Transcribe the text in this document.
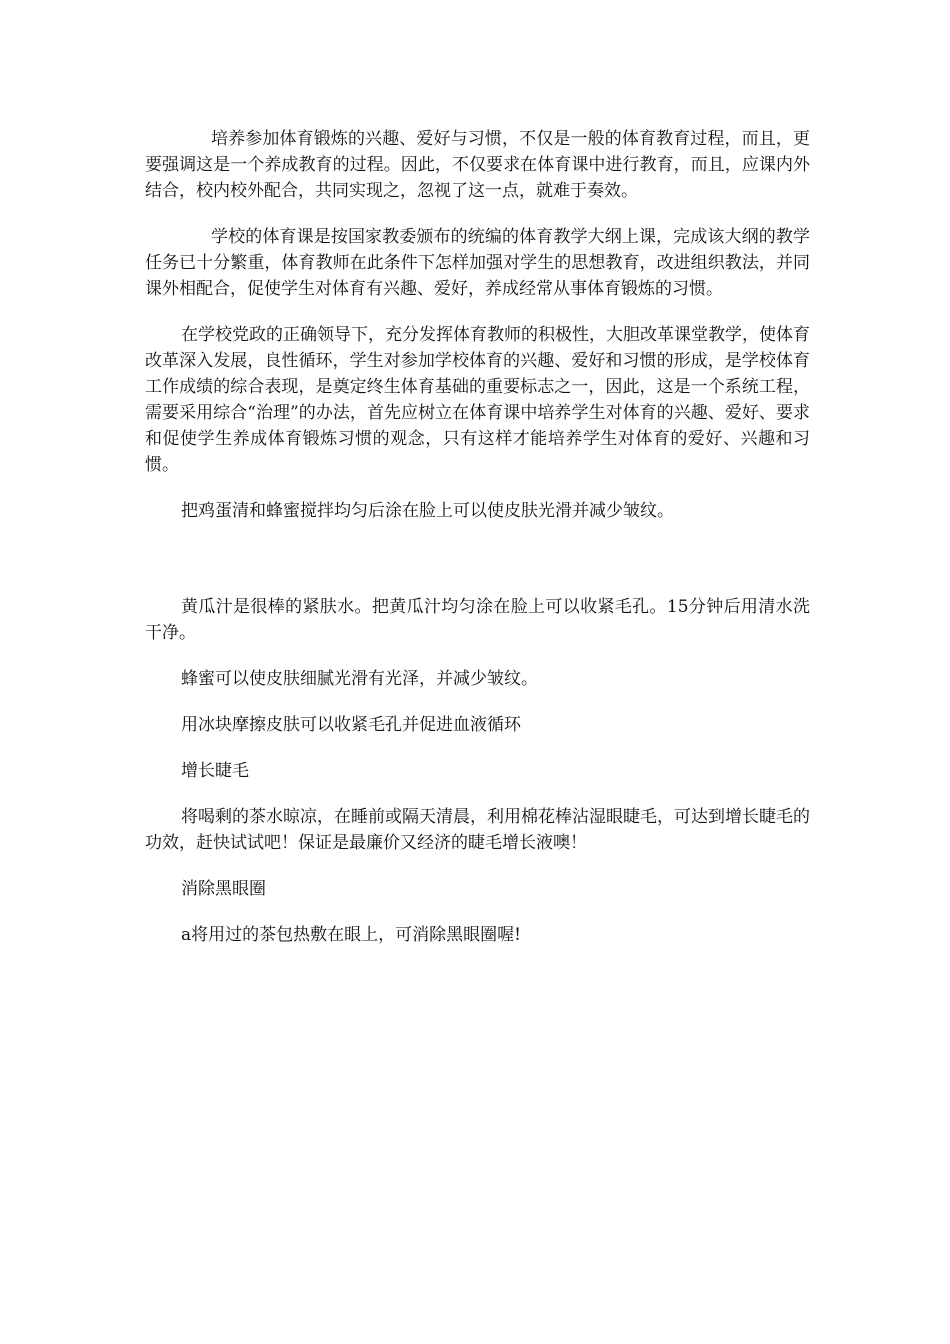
培养参加体育锻炼的兴趣、爱好与习惯，不仅是一般的体育教育过程，而且，更要强调这是一个养成教育的过程。因此，不仅要求在体育课中进行教育，而且，应课内外结合，校内校外配合，共同实现之，忽视了这一点，就难于奏效。

学校的体育课是按国家教委颁布的统编的体育教学大纲上课，完成该大纲的教学任务已十分繁重，体育教师在此条件下怎样加强对学生的思想教育，改进组织教法，并同课外相配合，促使学生对体育有兴趣、爱好，养成经常从事体育锻炼的习惯。

在学校党政的正确领导下，充分发挥体育教师的积极性，大胆改革课堂教学，使体育改革深入发展，良性循环，学生对参加学校体育的兴趣、爱好和习惯的形成，是学校体育工作成绩的综合表现，是奠定终生体育基础的重要标志之一，因此，这是一个系统工程，需要采用综合“治理”的办法，首先应树立在体育课中培养学生对体育的兴趣、爱好、要求和促使学生养成体育锻炼习惯的观念，只有这样才能培养学生对体育的爱好、兴趣和习惯。

把鸡蛋清和蜂蜜搅拌均匀后涂在脸上可以使皮肤光滑并减少皱纹。

黄瓜汁是很棒的紧肤水。把黄瓜汁均匀涂在脸上可以收紧毛孔。15分钟后用清水洗干净。

蜂蜜可以使皮肤细腻光滑有光泽，并减少皱纹。

用冰块摩擦皮肤可以收紧毛孔并促进血液循环

增长睫毛

将喝剩的茶水晾凉，在睡前或隔天清晨，利用棉花棒沾湿眼睫毛，可达到增长睫毛的功效，赶快试试吧！保证是最廉价又经济的睫毛增长液噢！

消除黑眼圈

a将用过的茶包热敷在眼上，可消除黑眼圈喔!
